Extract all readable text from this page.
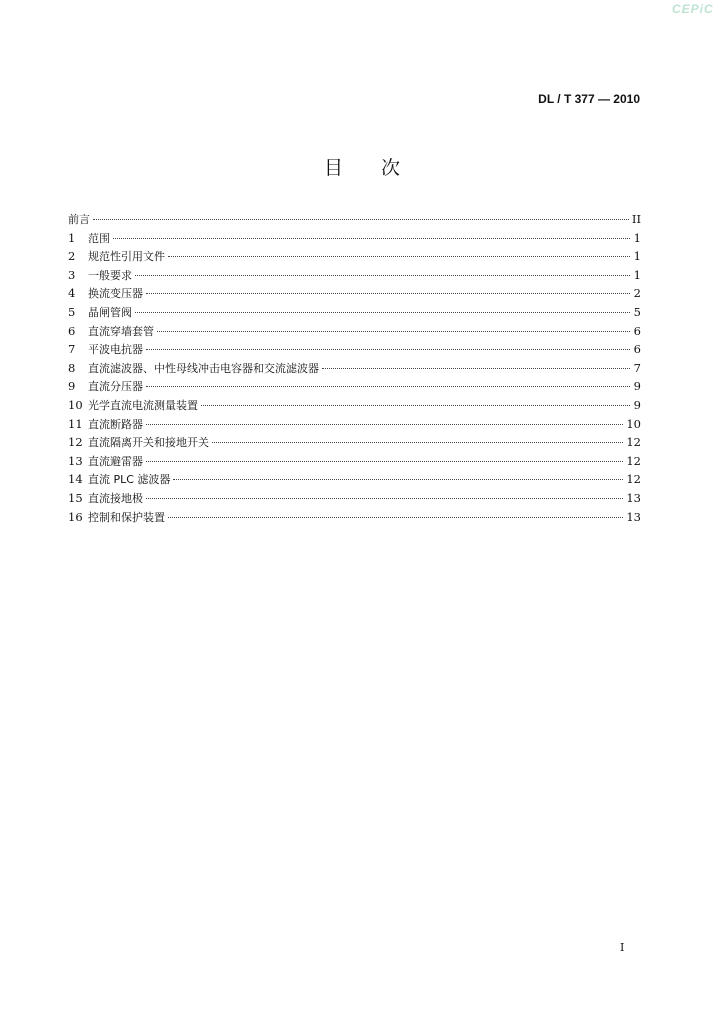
CEPiC
DL / T 377 — 2010
目次
前言	II
1	范围	1
2	规范性引用文件	1
3	一般要求	1
4	换流变压器	2
5	晶闸管阀	5
6	直流穿墙套管	6
7	平波电抗器	6
8	直流滤波器、中性母线冲击电容器和交流滤波器	7
9	直流分压器	9
10 光学直流电流测量装置	9
11 直流断路器	10
12 直流隔离开关和接地开关	12
13 直流避雷器	12
14 直流 PLC 滤波器	12
15 直流接地极	13
16 控制和保护装置	13
I
